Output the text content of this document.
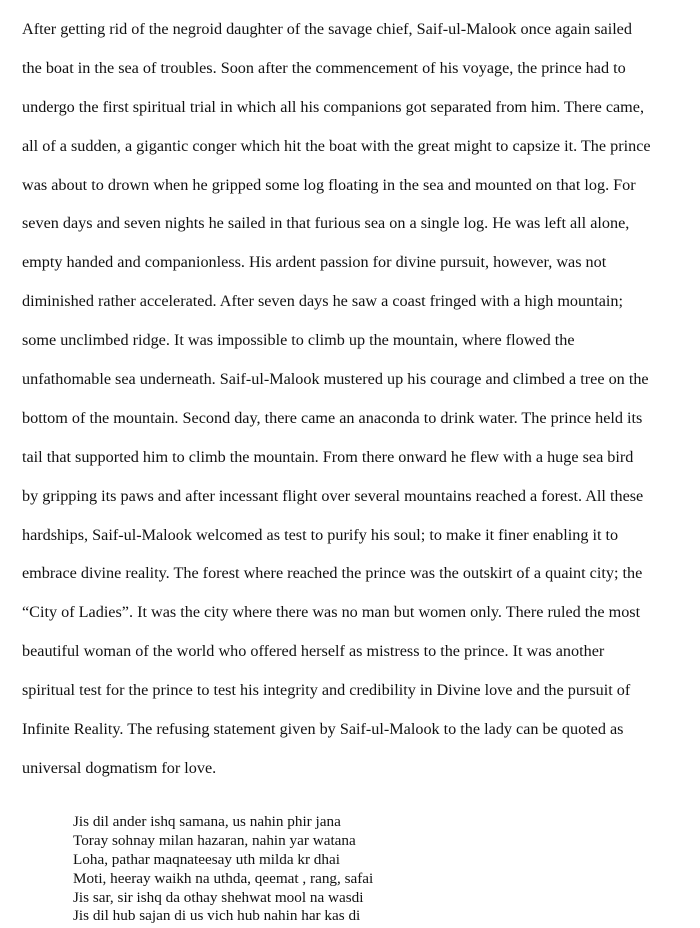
After getting rid of the negroid daughter of the savage chief, Saif-ul-Malook once again sailed
the boat in the sea of troubles. Soon after the commencement of his voyage, the prince had to
undergo the first spiritual trial in which all his companions got separated from him. There came,
all of a sudden, a gigantic conger which hit the boat with the great might to capsize it. The prince
was about to drown when he gripped some log floating in the sea and mounted on that log. For
seven days and seven nights he sailed in that furious sea on a single log. He was left all alone,
empty handed and companionless. His ardent passion for divine pursuit, however, was not
diminished rather accelerated. After seven days he saw a coast fringed with a high mountain;
some unclimbed ridge. It was impossible to climb up the mountain, where flowed the
unfathomable sea underneath. Saif-ul-Malook mustered up his courage and climbed a tree on the
bottom of the mountain. Second day, there came an anaconda to drink water. The prince held its
tail that supported him to climb the mountain. From there onward he flew with a huge sea bird
by gripping its paws and after incessant flight over several mountains reached a forest. All these
hardships, Saif-ul-Malook welcomed as test to purify his soul; to make it finer enabling it to
embrace divine reality. The forest where reached the prince was the outskirt of a quaint city; the
“City of Ladies”. It was the city where there was no man but women only. There ruled the most
beautiful woman of the world who offered herself as mistress to the prince. It was another
spiritual test for the prince to test his integrity and credibility in Divine love and the pursuit of
Infinite Reality. The refusing statement given by Saif-ul-Malook to the lady can be quoted as
universal dogmatism for love.
Jis dil ander ishq samana, us nahin phir jana
Toray sohnay milan hazaran, nahin yar watana
Loha, pathar maqnateesay uth milda kr dhai
Moti, heeray waikh na uthda, qeemat , rang, safai
Jis sar, sir ishq da othay shehwat mool na wasdi
Jis dil hub sajan di us vich hub nahin har kas di
